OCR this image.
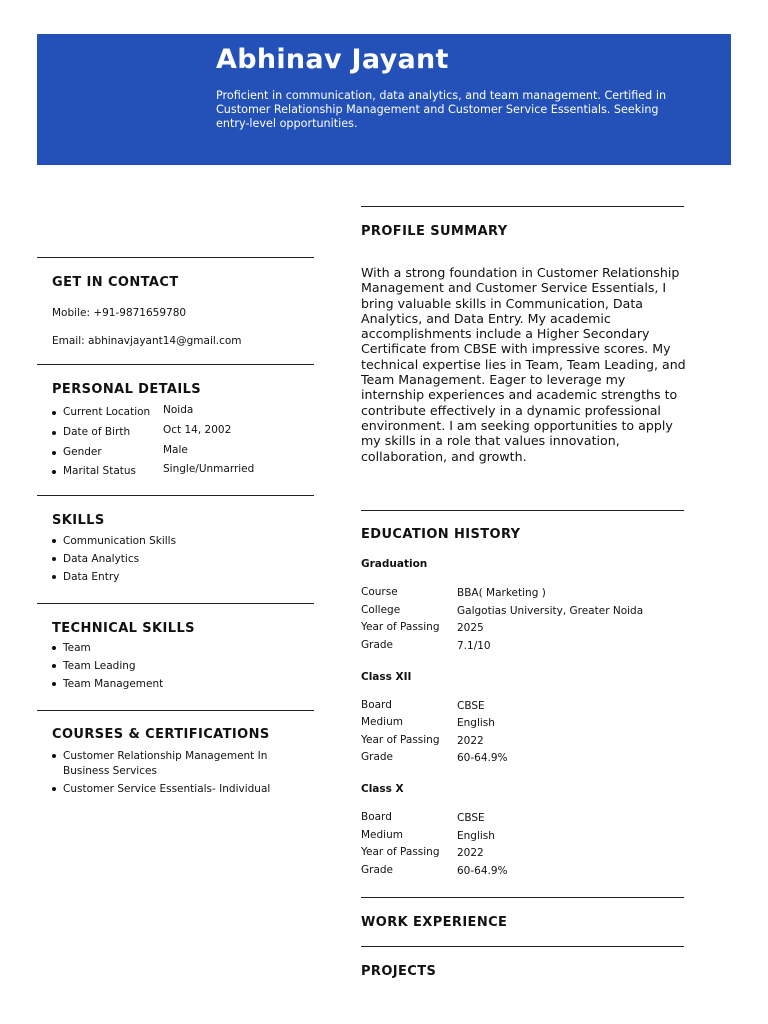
Abhinav Jayant
Proficient in communication, data analytics, and team management. Certified in Customer Relationship Management and Customer Service Essentials. Seeking entry-level opportunities.
GET IN CONTACT
Mobile: +91-9871659780
Email: abhinavjayant14@gmail.com
PERSONAL DETAILS
Current Location Noida
Date of Birth	Oct 14, 2002
Gender	Male
Marital Status	Single/Unmarried
SKILLS
Communication Skills
Data Analytics
Data Entry
TECHNICAL SKILLS
Team
Team Leading
Team Management
COURSES & CERTIFICATIONS
Customer Relationship Management In Business Services
Customer Service Essentials- Individual
PROFILE SUMMARY

With a strong foundation in Customer Relationship Management and Customer Service Essentials, I bring valuable skills in Communication, Data Analytics, and Data Entry. My academic accomplishments include a Higher Secondary Certificate from CBSE with impressive scores. My technical expertise lies in Team, Team Leading, and Team Management. Eager to leverage my internship experiences and academic strengths to contribute effectively in a dynamic professional environment. I am seeking opportunities to apply my skills in a role that values innovation, collaboration, and growth.

EDUCATION HISTORY
Graduation
Course	BBA( Marketing )
College	Galgotias University, Greater Noida
Year of Passing 2025
Grade	7.1/10
Class XII
Board	CBSE
Medium	English
Year of Passing 2022
Grade	60-64.9%
Class X
Board	CBSE
Medium	English
Year of Passing 2022
Grade	60-64.9%
WORK EXPERIENCE
PROJECTS
